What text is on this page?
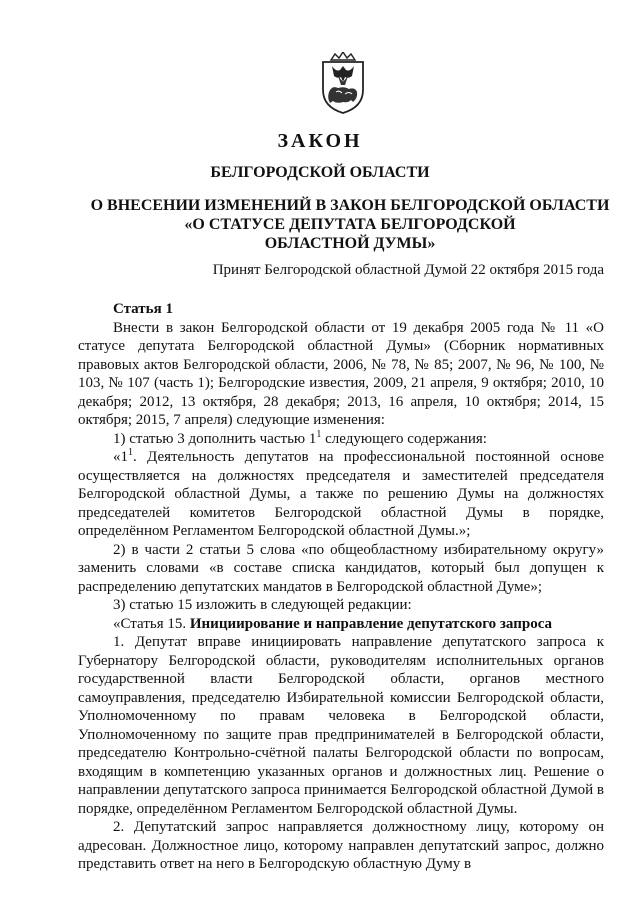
ЗАКОН
БЕЛГОРОДСКОЙ ОБЛАСТИ
О ВНЕСЕНИИ ИЗМЕНЕНИЙ В ЗАКОН БЕЛГОРОДСКОЙ ОБЛАСТИ
«О СТАТУСЕ ДЕПУТАТА БЕЛГОРОДСКОЙ
ОБЛАСТНОЙ ДУМЫ»
Принят Белгородской областной Думой 22 октября 2015 года

Статья 1

Внести в закон Белгородской области от 19 декабря 2005 года № 11 «О статусе депутата Белгородской областной Думы» (Сборник нормативных правовых актов Белгородской области, 2006, № 78, № 85; 2007, № 96, № 100, № 103, № 107 (часть 1); Белгородские известия, 2009, 21 апреля, 9 октября; 2010, 10 декабря; 2012, 13 октября, 28 декабря; 2013, 16 апреля, 10 октября; 2014, 15 октября; 2015, 7 апреля) следующие изменения:

1) статью 3 дополнить частью $1^1$ следующего содержания:

«$1^1$. Деятельность депутатов на профессиональной постоянной основе осуществляется на должностях председателя и заместителей председателя Белгородской областной Думы, а также по решению Думы на должностях председателей комитетов Белгородской областной Думы в порядке, определённом Регламентом Белгородской областной Думы.»;

2) в части 2 статьи 5 слова «по общеобластному избирательному округу» заменить словами «в составе списка кандидатов, который был допущен к распределению депутатских мандатов в Белгородской областной Думе»;

3) статью 15 изложить в следующей редакции:

«Статья 15. Инициирование и направление депутатского запроса

1. Депутат вправе инициировать направление депутатского запроса к Губернатору Белгородской области, руководителям исполнительных органов государственной власти Белгородской области, органов местного самоуправления, председателю Избирательной комиссии Белгородской области, Уполномоченному по правам человека в Белгородской области, Уполномоченному по защите прав предпринимателей в Белгородской области, председателю Контрольно-счётной палаты Белгородской области по вопросам, входящим в компетенцию указанных органов и должностных лиц. Решение о направлении депутатского запроса принимается Белгородской областной Думой в порядке, определённом Регламентом Белгородской областной Думы.

2. Депутатский запрос направляется должностному лицу, которому он адресован. Должностное лицо, которому направлен депутатский запрос, должно представить ответ на него в Белгородскую областную Думу в
